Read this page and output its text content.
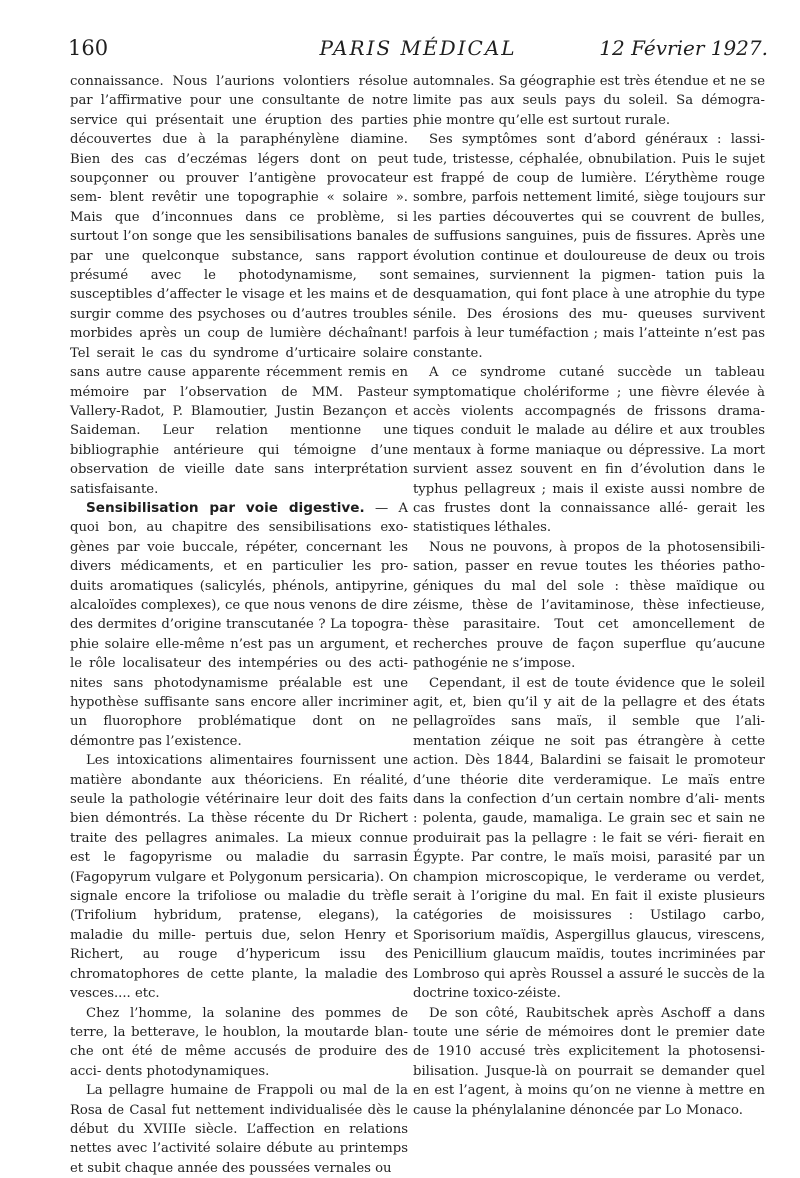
160	PARIS MÉDICAL	12 Février 1927.

connaissance. Nous l’aurions volontiers résolue par l’affirmative pour une consultante de notre service qui présentait une éruption des parties découvertes due à la paraphénylène diamine. Bien des cas d’eczémas légers dont on peut soupçonner ou prouver l’antigène provocateur sem- blent revêtir une topographie « solaire ». Mais que d’inconnues dans ce problème, si surtout l’on songe que les sensibilisations banales par une quelconque substance, sans rapport présumé avec le photodynamisme, sont susceptibles d’affecter le visage et les mains et de surgir comme des psychoses ou d’autres troubles morbides après un coup de lumière déchaînant! Tel serait le cas du syndrome d’urticaire solaire sans autre cause apparente récemment remis en mémoire par l’observation de MM. Pasteur Vallery-Radot, P. Blamoutier, Justin Bezançon et Saideman. Leur relation mentionne une bibliographie antérieure qui témoigne d’une observation de vieille date sans interprétation satisfaisante.

Sensibilisation par voie digestive. — A quoi bon, au chapitre des sensibilisations exo- gènes par voie buccale, répéter, concernant les divers médicaments, et en particulier les pro- duits aromatiques (salicylés, phénols, antipyrine, alcaloïdes complexes), ce que nous venons de dire des dermites d’origine transcutanée ? La topogra- phie solaire elle-même n’est pas un argument, et le rôle localisateur des intempéries ou des acti- nites sans photodynamisme préalable est une hypothèse suffisante sans encore aller incriminer un fluorophore problématique dont on ne démontre pas l’existence.

Les intoxications alimentaires fournissent une matière abondante aux théoriciens. En réalité, seule la pathologie vétérinaire leur doit des faits bien démontrés. La thèse récente du Dr Richert traite des pellagres animales. La mieux connue est le fagopyrisme ou maladie du sarrasin (Fagopyrum vulgare et Polygonum persicaria). On signale encore la trifoliose ou maladie du trèfle (Trifolium hybridum, pratense, elegans), la maladie du mille- pertuis due, selon Henry et Richert, au rouge d’hypericum issu des chromatophores de cette plante, la maladie des vesces.... etc.

Chez l’homme, la solanine des pommes de terre, la betterave, le houblon, la moutarde blan- che ont été de même accusés de produire des acci- dents photodynamiques.

La pellagre humaine de Frappoli ou mal de la Rosa de Casal fut nettement individualisée dès le début du XVIIIe siècle. L’affection en relations nettes avec l’activité solaire débute au printemps et subit chaque année des poussées vernales ou

automnales. Sa géographie est très étendue et ne se limite pas aux seuls pays du soleil. Sa démogra- phie montre qu’elle est surtout rurale.

Ses symptômes sont d’abord généraux : lassi- tude, tristesse, céphalée, obnubilation. Puis le sujet est frappé de coup de lumière. L’érythème rouge sombre, parfois nettement limité, siège toujours sur les parties découvertes qui se couvrent de bulles, de suffusions sanguines, puis de fissures. Après une évolution continue et douloureuse de deux ou trois semaines, surviennent la pigmen- tation puis la desquamation, qui font place à une atrophie du type sénile. Des érosions des mu- queuses survivent parfois à leur tuméfaction ; mais l’atteinte n’est pas constante.

A ce syndrome cutané succède un tableau symptomatique cholériforme ; une fièvre élevée à accès violents accompagnés de frissons drama- tiques conduit le malade au délire et aux troubles mentaux à forme maniaque ou dépressive. La mort survient assez souvent en fin d’évolution dans le typhus pellagreux ; mais il existe aussi nombre de cas frustes dont la connaissance allé- gerait les statistiques léthales.

Nous ne pouvons, à propos de la photosensibili- sation, passer en revue toutes les théories patho- géniques du mal del sole : thèse maïdique ou zéisme, thèse de l’avitaminose, thèse infectieuse, thèse parasitaire. Tout cet amoncellement de recherches prouve de façon superflue qu’aucune pathogénie ne s’impose.

Cependant, il est de toute évidence que le soleil agit, et, bien qu’il y ait de la pellagre et des états pellagroïdes sans maïs, il semble que l’ali- mentation zéique ne soit pas étrangère à cette action. Dès 1844, Balardini se faisait le promoteur d’une théorie dite verderamique. Le maïs entre dans la confection d’un certain nombre d’ali- ments : polenta, gaude, mamaliga. Le grain sec et sain ne produirait pas la pellagre : le fait se véri- fierait en Égypte. Par contre, le maïs moisi, parasité par un champion microscopique, le verderame ou verdet, serait à l’origine du mal. En fait il existe plusieurs catégories de moisissures : Ustilago carbo, Sporisorium maïdis, Aspergillus glaucus, virescens, Penicillium glaucum maïdis, toutes incriminées par Lombroso qui après Roussel a assuré le succès de la doctrine toxico-zéiste.

De son côté, Raubitschek après Aschoff a dans toute une série de mémoires dont le premier date de 1910 accusé très explicitement la photosensi- bilisation. Jusque-là on pourrait se demander quel en est l’agent, à moins qu’on ne vienne à mettre en cause la phénylalanine dénoncée par Lo Monaco.
